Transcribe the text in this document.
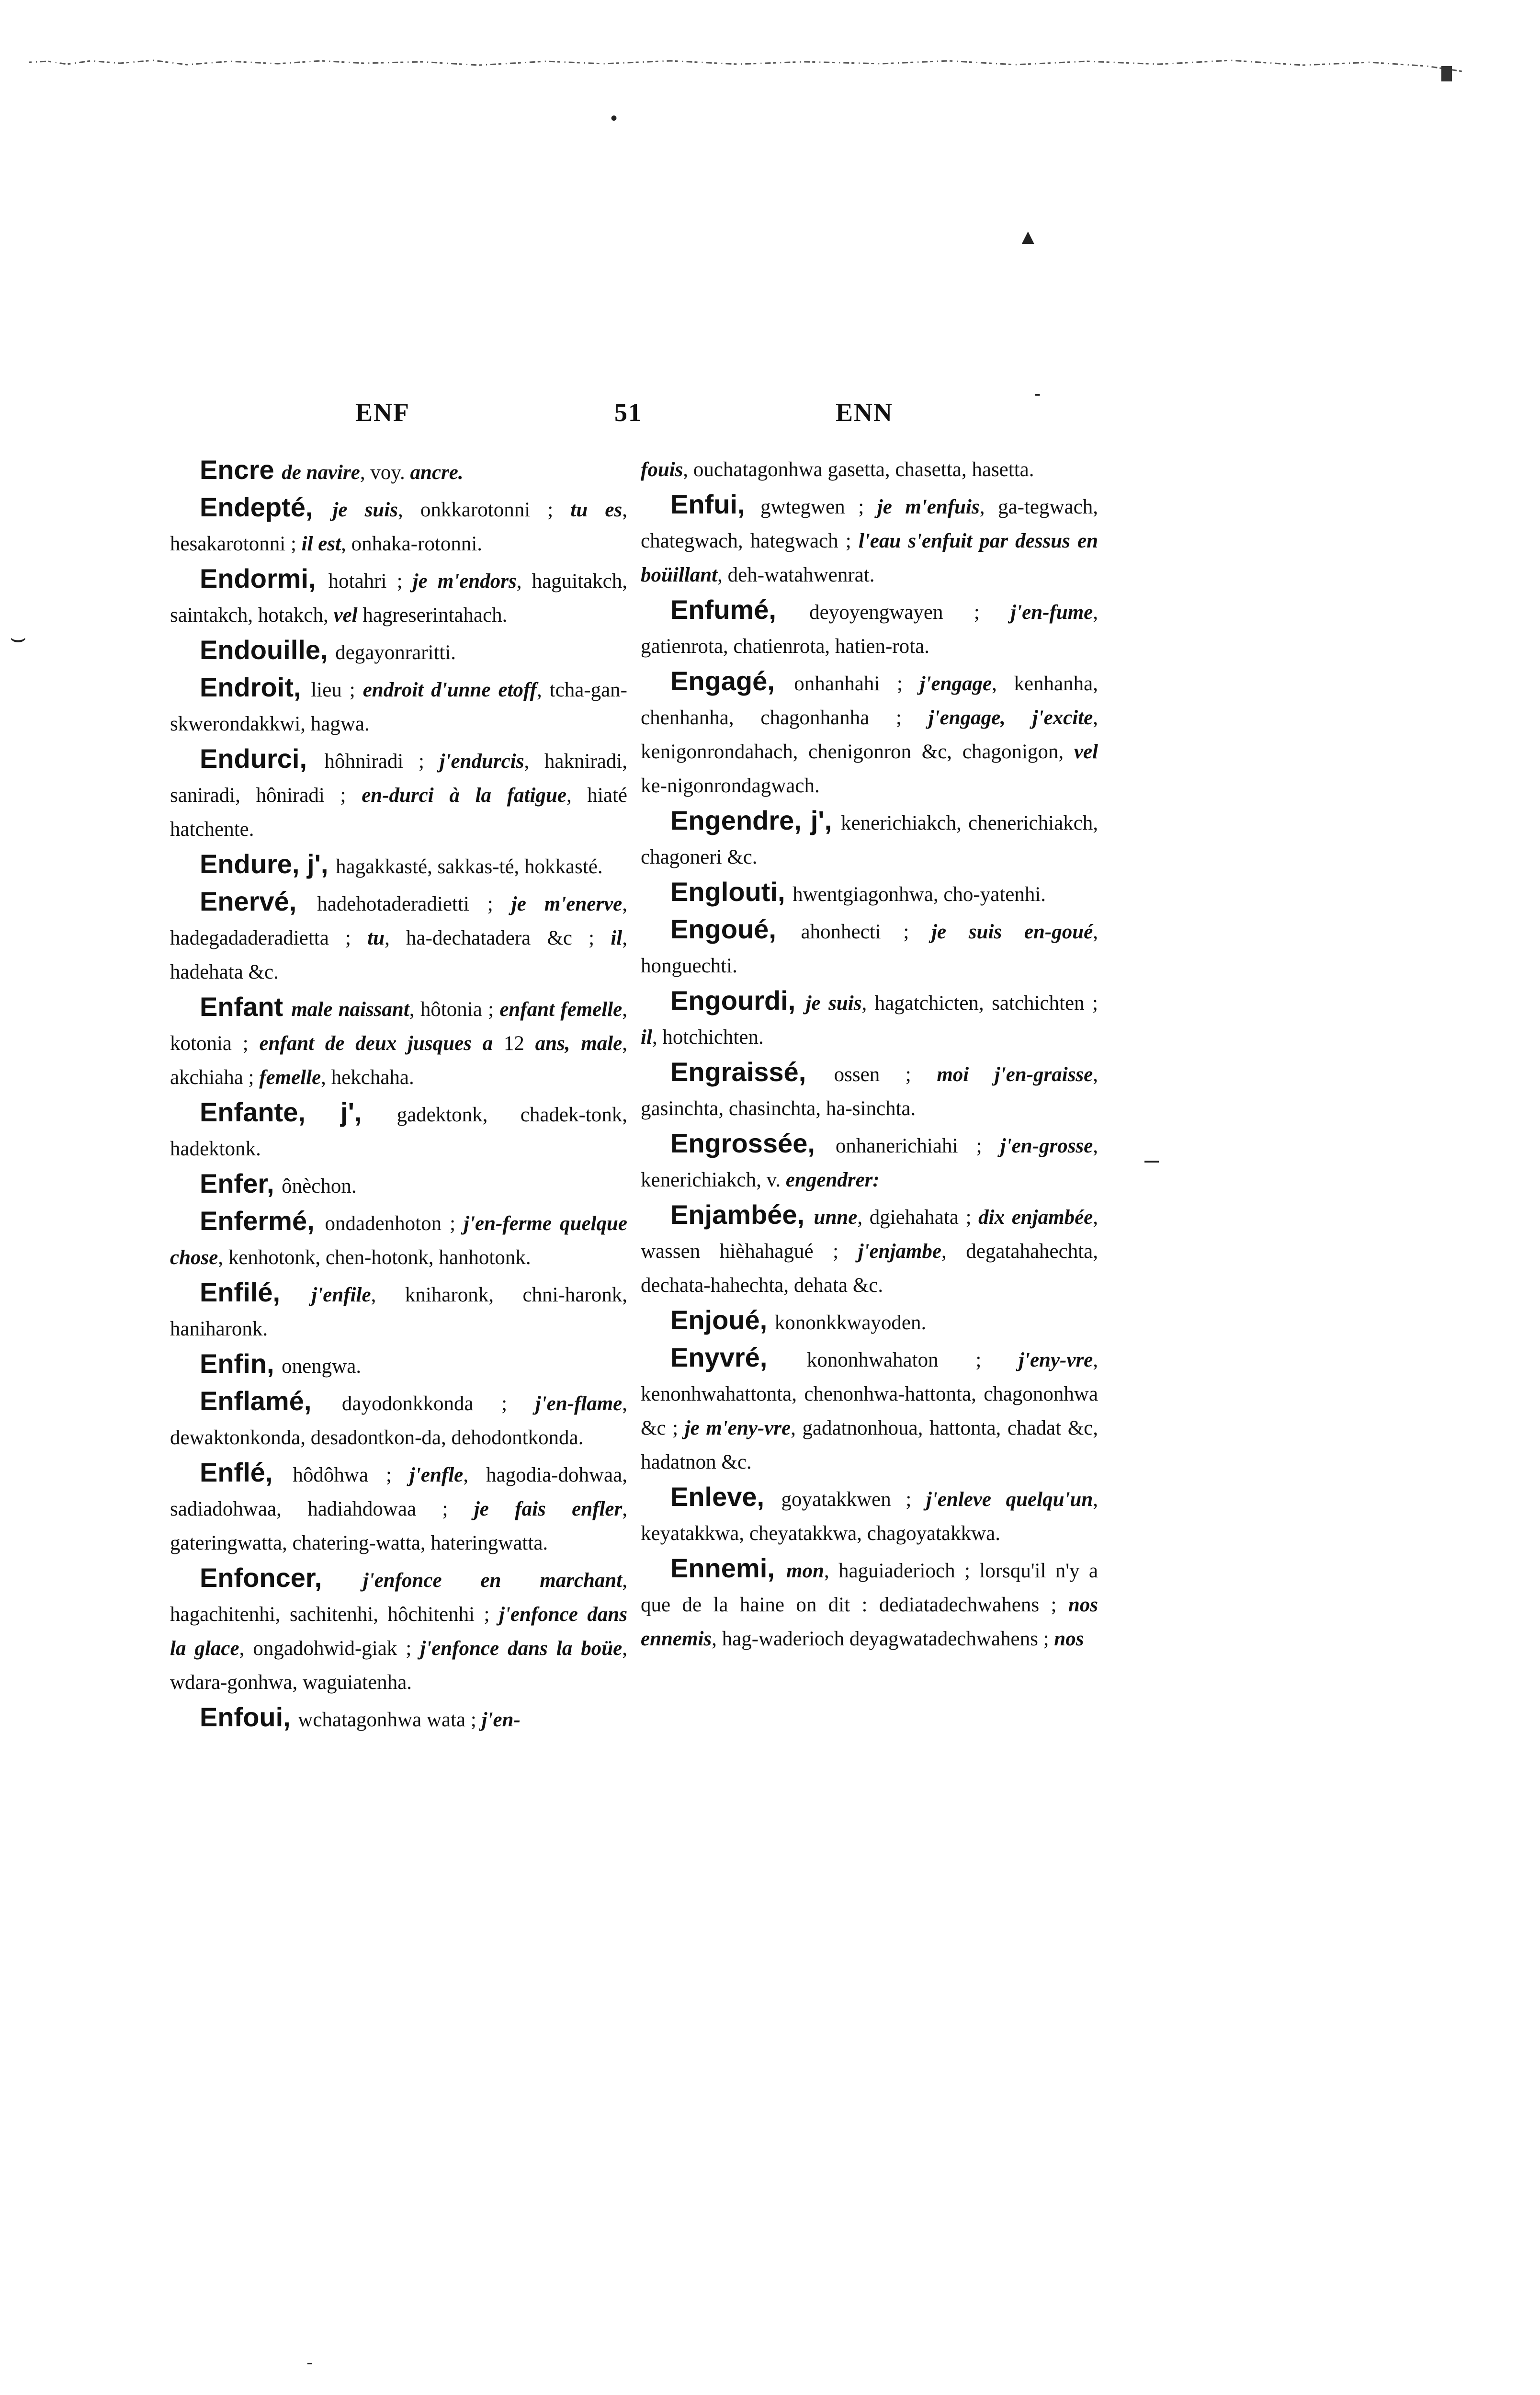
•
▲
-
⌣
‒
-
ENF	51	ENN

Encre de navire, voy. ancre.

Endepté, je suis, onkkarotonni ; tu es, hesakarotonni ; il est, onhaka-rotonni.

Endormi, hotahri ; je m'endors, haguitakch, saintakch, hotakch, vel hagreserintahach.

Endouille, degayonraritti.

Endroit, lieu ; endroit d'unne etoff, tcha-gan-skwerondakkwi, hagwa.

Endurci, hôhniradi ; j'endurcis, hakniradi, saniradi, hôniradi ; en-durci à la fatigue, hiaté hatchente.

Endure, j', hagakkasté, sakkas-té, hokkasté.

Enervé, hadehotaderadietti ; je m'enerve, hadegadaderadietta ; tu, ha-dechatadera &c ; il, hadehata &c.

Enfant male naissant, hôtonia ; enfant femelle, kotonia ; enfant de deux jusques a 12 ans, male, akchiaha ; femelle, hekchaha.

Enfante, j', gadektonk, chadek-tonk, hadektonk.

Enfer, ônèchon.

Enfermé, ondadenhoton ; j'en-ferme quelque chose, kenhotonk, chen-hotonk, hanhotonk.

Enfilé, j'enfile, kniharonk, chni-haronk, haniharonk.

Enfin, onengwa.

Enflamé, dayodonkkonda ; j'en-flame, dewaktonkonda, desadontkon-da, dehodontkonda.

Enflé, hôdôhwa ; j'enfle, hagodia-dohwaa, sadiadohwaa, hadiahdowaa ; je fais enfler, gateringwatta, chatering-watta, hateringwatta.

Enfoncer, j'enfonce en marchant, hagachitenhi, sachitenhi, hôchitenhi ; j'enfonce dans la glace, ongadohwid-giak ; j'enfonce dans la boüe, wdara-gonhwa, waguiatenha.

Enfoui, wchatagonhwa wata ; j'en-

fouis, ouchatagonhwa gasetta, chasetta, hasetta.

Enfui, gwtegwen ; je m'enfuis, ga-tegwach, chategwach, hategwach ; l'eau s'enfuit par dessus en boüillant, deh-watahwenrat.

Enfumé, deyoyengwayen ; j'en-fume, gatienrota, chatienrota, hatien-rota.

Engagé, onhanhahi ; j'engage, kenhanha, chenhanha, chagonhanha ; j'engage, j'excite, kenigonrondahach, chenigonron &c, chagonigon, vel ke-nigonrondagwach.

Engendre, j', kenerichiakch, chenerichiakch, chagoneri &c.

Englouti, hwentgiagonhwa, cho-yatenhi.

Engoué, ahonhecti ; je suis en-goué, honguechti.

Engourdi, je suis, hagatchicten, satchichten ; il, hotchichten.

Engraissé, ossen ; moi j'en-graisse, gasinchta, chasinchta, ha-sinchta.

Engrossée, onhanerichiahi ; j'en-grosse, kenerichiakch, v. engendrer:

Enjambée, unne, dgiehahata ; dix enjambée, wassen hièhahagué ; j'enjambe, degatahahechta, dechata-hahechta, dehata &c.

Enjoué, kononkkwayoden.

Enyvré, kononhwahaton ; j'eny-vre, kenonhwahattonta, chenonhwa-hattonta, chagononhwa &c ; je m'eny-vre, gadatnonhoua, hattonta, chadat &c, hadatnon &c.

Enleve, goyatakkwen ; j'enleve quelqu'un, keyatakkwa, cheyatakkwa, chagoyatakkwa.

Ennemi, mon, haguiaderioch ; lorsqu'il n'y a que de la haine on dit : dediatadechwahens ; nos ennemis, hag-waderioch deyagwatadechwahens ; nos
